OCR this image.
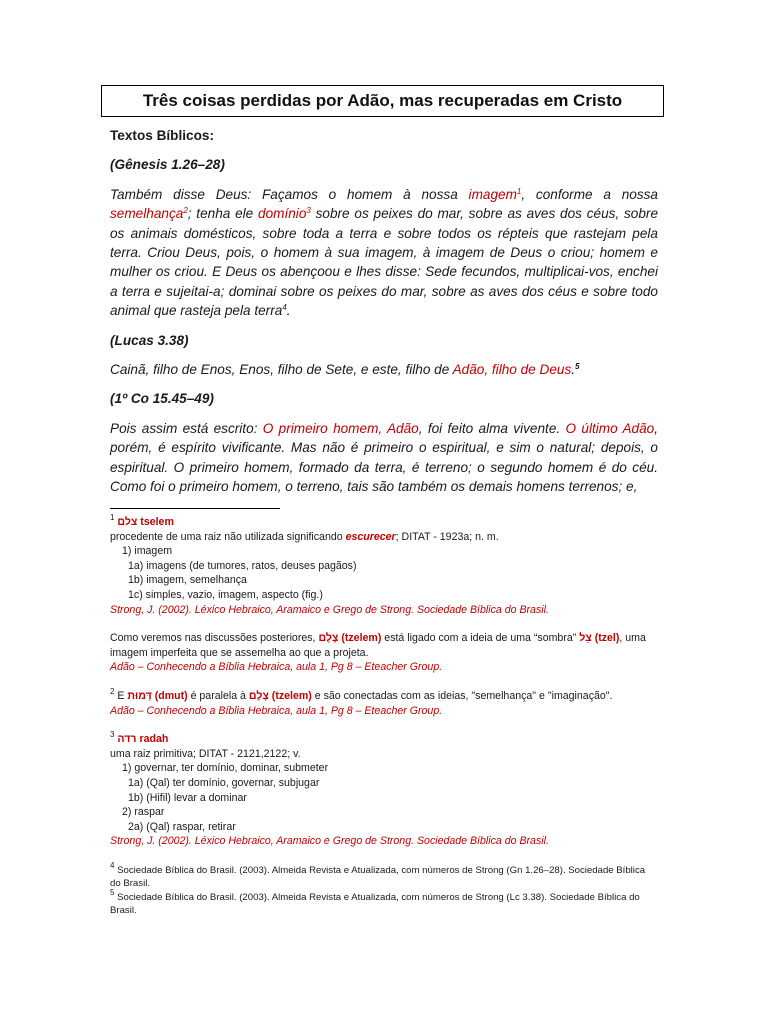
Três coisas perdidas por Adão, mas recuperadas em Cristo

Textos Bíblicos:

(Gênesis 1.26–28)

Também disse Deus: Façamos o homem à nossa imagem$^1$, conforme a nossa semelhança$^2$; tenha ele domínio$^3$ sobre os peixes do mar, sobre as aves dos céus, sobre os animais domésticos, sobre toda a terra e sobre todos os répteis que rastejam pela terra. Criou Deus, pois, o homem à sua imagem, à imagem de Deus o criou; homem e mulher os criou. E Deus os abençoou e lhes disse: Sede fecundos, multiplicai-vos, enchei a terra e sujeitai-a; dominai sobre os peixes do mar, sobre as aves dos céus e sobre todo animal que rasteja pela terra$^4$.

(Lucas 3.38)

Cainã, filho de Enos, Enos, filho de Sete, e este, filho de Adão, filho de Deus.$^5$

(1º Co 15.45–49)

Pois assim está escrito: O primeiro homem, Adão, foi feito alma vivente. O último Adão, porém, é espírito vivificante. Mas não é primeiro o espiritual, e sim o natural; depois, o espiritual. O primeiro homem, formado da terra, é terreno; o segundo homem é do céu. Como foi o primeiro homem, o terreno, tais são também os demais homens terrenos; e,

$^1$ צלם tselem

procedente de uma raiz não utilizada significando escurecer; DITAT - 1923a; n. m.

1) imagem

1a) imagens (de tumores, ratos, deuses pagãos)

1b) imagem, semelhança

1c) simples, vazio, imagem, aspecto (fig.)

Strong, J. (2002). Léxico Hebraico, Aramaico e Grego de Strong. Sociedade Bíblica do Brasil.

Como veremos nas discussões posteriores, צֶלֶם (tzelem) está ligado com a ideia de uma “sombra” צֵל (tzel), uma imagem imperfeita que se assemelha ao que a projeta.

Adão – Conhecendo a Bíblia Hebraica, aula 1, Pg 8 – Eteacher Group.

$^2$ E דְּמוּת (dmut) é paralela à צֶלֶם (tzelem) e são conectadas com as ideias, "semelhança" e "imaginação".

Adão – Conhecendo a Bíblia Hebraica, aula 1, Pg 8 – Eteacher Group.

$^3$ רדה radah

uma raiz primitiva; DITAT - 2121,2122; v.

1) governar, ter domínio, dominar, submeter

1a) (Qal) ter domínio, governar, subjugar

1b) (Hifil) levar a dominar

2) raspar

2a) (Qal) raspar, retirar

Strong, J. (2002). Léxico Hebraico, Aramaico e Grego de Strong. Sociedade Bíblica do Brasil.

$^4$ Sociedade Bíblica do Brasil. (2003). Almeida Revista e Atualizada, com números de Strong (Gn 1.26–28). Sociedade Bíblica do Brasil.

$^5$ Sociedade Bíblica do Brasil. (2003). Almeida Revista e Atualizada, com números de Strong (Lc 3.38). Sociedade Bíblica do Brasil.
